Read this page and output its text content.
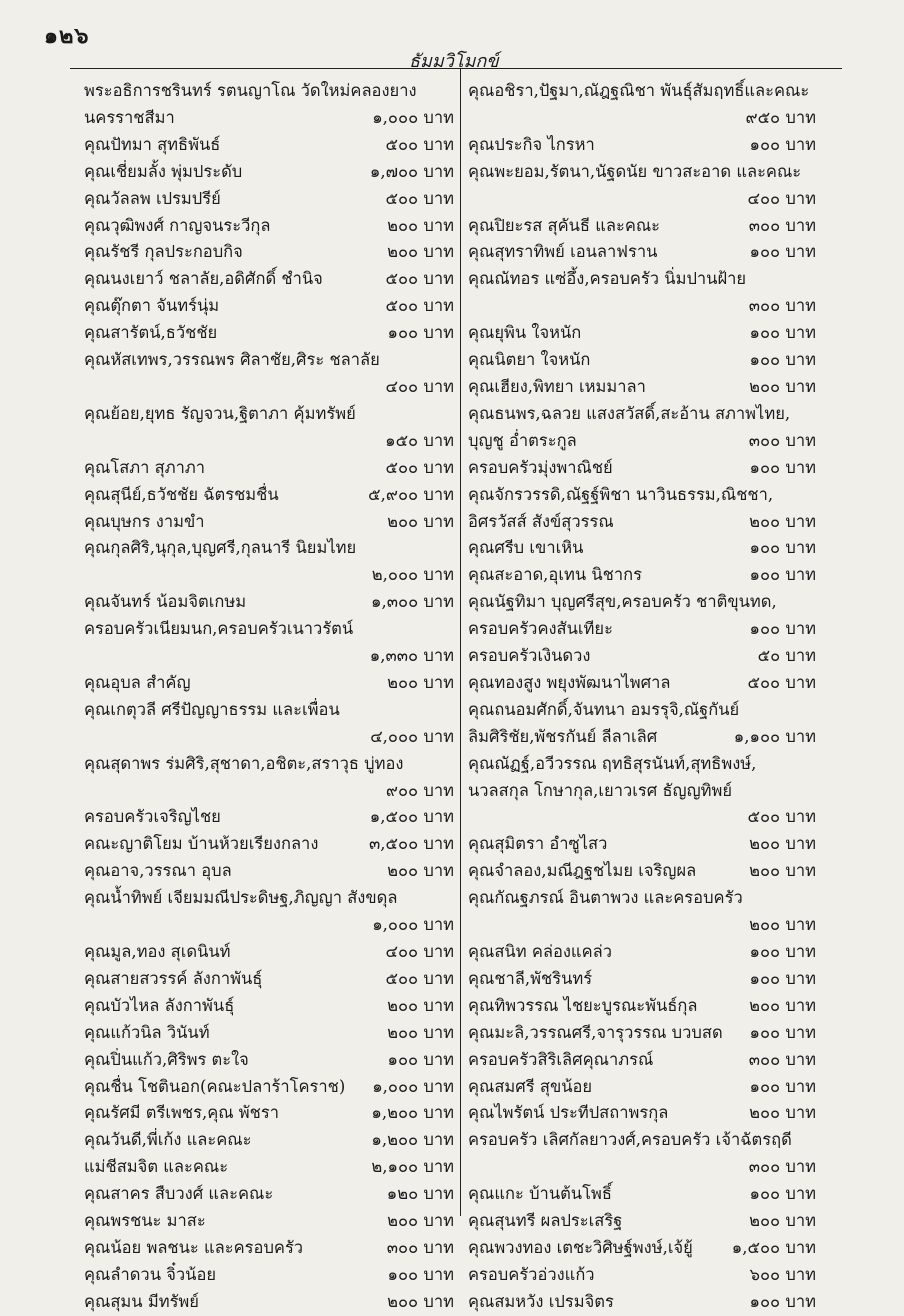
๑๒๖
ธัมมวิโมกข์
พระอธิการชรินทร์ รตนญาโณ วัดใหม่คลองยาง
นครราชสีมา	๑,๐๐๐ บาท
คุณปัทมา สุทธิพันธ์	๕๐๐ บาท
คุณเชี่ยมลั้ง พุ่มประดับ	๑,๗๐๐ บาท
คุณวัลลพ เปรมปรีย์	๕๐๐ บาท
คุณวุฒิพงศ์ กาญจนระวีกุล	๒๐๐ บาท
คุณรัชรี กุลประกอบกิจ	๒๐๐ บาท
คุณนงเยาว์ ชลาลัย,อดิศักดิ์ ชำนิจ	๕๐๐ บาท
คุณตุ๊กตา จันทร์นุ่ม	๕๐๐ บาท
คุณสารัตน์,ธวัชชัย	๑๐๐ บาท
คุณหัสเทพร,วรรณพร ศิลาชัย,ศิระ ชลาลัย
๔๐๐ บาท
คุณย้อย,ยุทธ รัญจวน,ฐิตาภา คุ้มทรัพย์
๑๕๐ บาท
คุณโสภา สุภาภา	๕๐๐ บาท
คุณสุนีย์,ธวัชชัย ฉัตรชมชื่น	๕,๙๐๐ บาท
คุณบุษกร งามขำ	๒๐๐ บาท
คุณกุลศิริ,นุกุล,บุญศรี,กุลนารี นิยมไทย
๒,๐๐๐ บาท
คุณจันทร์ น้อมจิตเกษม	๑,๓๐๐ บาท
ครอบครัวเนียมนก,ครอบครัวเนาวรัตน์
๑,๓๓๐ บาท
คุณอุบล สำคัญ	๒๐๐ บาท
คุณเกตุวลี ศรีปัญญาธรรม และเพื่อน
๔,๐๐๐ บาท
คุณสุดาพร ร่มศิริ,สุชาดา,อชิตะ,สราวุธ บู่ทอง
๙๐๐ บาท
ครอบครัวเจริญไชย	๑,๕๐๐ บาท
คณะญาติโยม บ้านห้วยเรียงกลาง	๓,๕๐๐ บาท
คุณอาจ,วรรณา อุบล	๒๐๐ บาท
คุณน้ำทิพย์ เจียมมณีประดิษฐ,ภิญญา สังขดุล
๑,๐๐๐ บาท
คุณมูล,ทอง สุเดนินท์	๔๐๐ บาท
คุณสายสวรรค์ ลังกาพันธุ์	๕๐๐ บาท
คุณบัวไหล ลังกาพันธุ์	๒๐๐ บาท
คุณแก้วนิล วินันท์	๒๐๐ บาท
คุณปิ่นแก้ว,ศิริพร ตะใจ	๑๐๐ บาท
คุณชื่น โชตินอก(คณะปลาร้าโคราช)	๑,๐๐๐ บาท
คุณรัศมี ตรีเพชร,คุณ พัชรา	๑,๒๐๐ บาท
คุณวันดี,พี่เก้ง และคณะ	๑,๒๐๐ บาท
แม่ชีสมจิต และคณะ	๒,๑๐๐ บาท
คุณสาคร สืบวงศ์ และคณะ	๑๒๐ บาท
คุณพรชนะ มาสะ	๒๐๐ บาท
คุณน้อย พลชนะ และครอบครัว	๓๐๐ บาท
คุณลำดวน จิ๋วน้อย	๑๐๐ บาท
คุณสุมน มีทรัพย์	๒๐๐ บาท
คุณอชิรา,ปัฐมา,ณัฎฐณิชา พันธุ์สัมฤทธิ์และคณะ
๙๕๐ บาท
คุณประกิจ ไกรหา	๑๐๐ บาท
คุณพะยอม,รัตนา,นัฐดนัย ขาวสะอาด และคณะ
๔๐๐ บาท
คุณปิยะรส สุคันธี และคณะ	๓๐๐ บาท
คุณสุทราทิพย์ เอนลาฟราน	๑๐๐ บาท
คุณณัทอร แซ่อึ้ง,ครอบครัว นิ่มปานฝ้าย
๓๐๐ บาท
คุณยุพิน ใจหนัก	๑๐๐ บาท
คุณนิตยา ใจหนัก	๑๐๐ บาท
คุณเฮียง,พิทยา เหมมาลา	๒๐๐ บาท
คุณธนพร,ฉลวย แสงสวัสดิ์,สะอ้าน สภาพไทย,
บุญชู อ่ำตระกูล	๓๐๐ บาท
ครอบครัวมุ่งพาณิชย์	๑๐๐ บาท
คุณจักรวรรดิ,ณัฐฐ์พิชา นาวินธรรม,ณิชชา,
อิศรวัสส์ สังข์สุวรรณ	๒๐๐ บาท
คุณศรีบ เขาเหิน	๑๐๐ บาท
คุณสะอาด,อุเทน นิชากร	๑๐๐ บาท
คุณนัฐทิมา บุญศรีสุข,ครอบครัว ชาติขุนทด,
ครอบครัวคงสันเทียะ	๑๐๐ บาท
ครอบครัวเงินดวง	๕๐ บาท
คุณทองสูง พยุงพัฒนาไพศาล	๕๐๐ บาท
คุณถนอมศักดิ์,จันทนา อมรรุจิ,ณัฐกันย์
ลิมศิริชัย,พัชรกันย์ ลีลาเลิศ	๑,๑๐๐ บาท
คุณณัฏฐ์,อวีวรรณ ฤทธิสุรนันท์,สุทธิพงษ์,
นวลสกุล โกษากุล,เยาวเรศ ธัญญทิพย์
๕๐๐ บาท
คุณสุมิตรา อำซูไสว	๒๐๐ บาท
คุณจำลอง,มณีฎฐชไมย เจริญผล	๒๐๐ บาท
คุณกัณฐภรณ์ อินตาพวง และครอบครัว
๒๐๐ บาท
คุณสนิท คล่องแคล่ว	๑๐๐ บาท
คุณชาลี,พัชรินทร์	๑๐๐ บาท
คุณทิพวรรณ ไชยะบูรณะพันธ์กุล	๒๐๐ บาท
คุณมะลิ,วรรณศรี,จารุวรรณ บวบสด	๑๐๐ บาท
ครอบครัวสิริเลิศคุณาภรณ์	๓๐๐ บาท
คุณสมศรี สุขน้อย	๑๐๐ บาท
คุณไพรัตน์ ประทีปสถาพรกุล	๒๐๐ บาท
ครอบครัว เลิศกัลยาวงศ์,ครอบครัว เจ้าฉัตรฤดี
๓๐๐ บาท
คุณแกะ บ้านต้นโพธิ์	๑๐๐ บาท
คุณสุนทรี ผลประเสริฐ	๒๐๐ บาท
คุณพวงทอง เตชะวิศิษฐ์พงษ์,เจ้ยู้	๑,๕๐๐ บาท
ครอบครัวอ่วงแก้ว	๖๐๐ บาท
คุณสมหวัง เปรมจิตร	๑๐๐ บาท
